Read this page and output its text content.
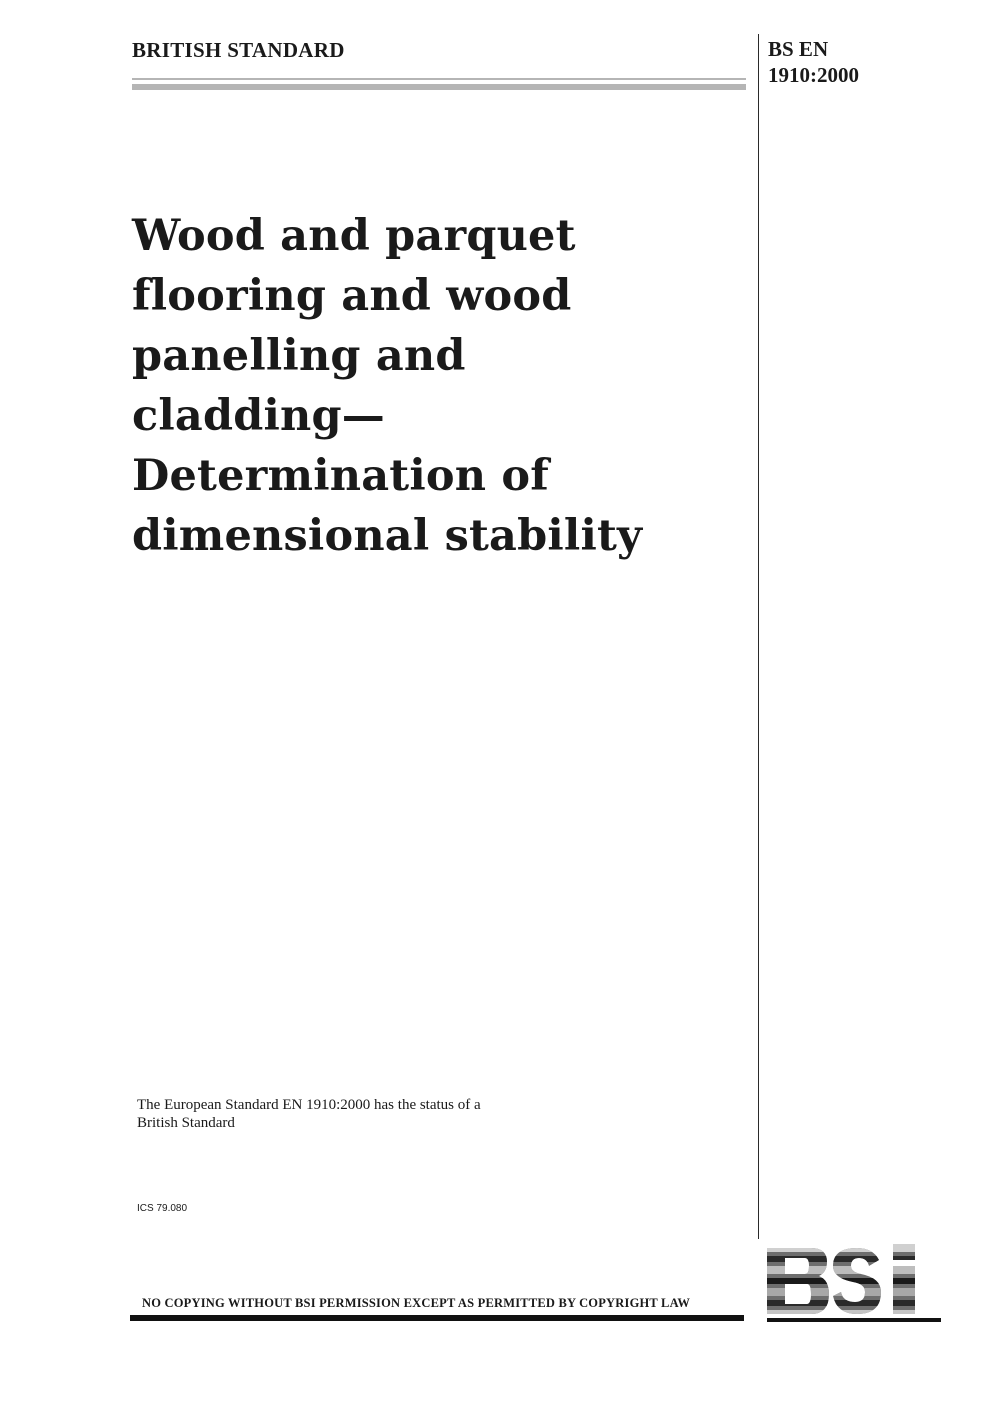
BRITISH STANDARD	BS EN
1910:2000
Wood and parquet
flooring and wood
panelling and
cladding—
Determination of
dimensional stability
The European Standard EN 1910:2000 has the status of a
British Standard
ICS 79.080
NO COPYING WITHOUT BSI PERMISSION EXCEPT AS PERMITTED BY COPYRIGHT LAW
